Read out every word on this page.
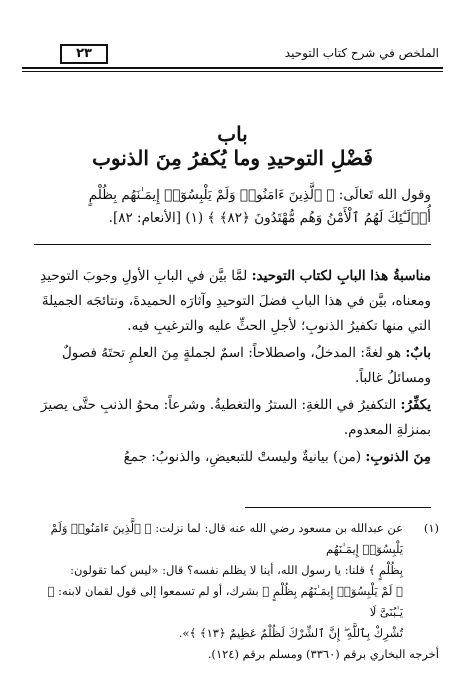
الملخص في شرح كتاب التوحيد
٢٣
باب
فَضْلِ التوحيدِ وما يُكفرُ مِنَ الذنوب
وقول الله تَعالَى: ﴿ ٱلَّذِينَ ءَامَنُوا۟ وَلَمْ يَلْبِسُوٓا۟ إِيمَـٰنَهُم بِظُلْمٍ
أُو۟لَـٰٓئِكَ لَهُمُ ٱلْأَمْنُ وَهُم مُّهْتَدُونَ ﴿٨٢﴾ ﴾ (١) [الأنعام: ٨٢].

مناسبةُ هذا البابِ لكتاب التوحيد: لمَّا بيَّن في البابِ الأولِ وجوبَ التوحيدِ ومعناه، بيَّن في هذا البابِ فضلَ التوحيدِ وآثارَه الحميدةَ، ونتائجَه الجميلةَ التي منها تكفيرُ الذنوبِ؛ لأجلِ الحثِّ عليه والترغيبِ فيه.

بابٌ: هو لغةً: المدخلُ، واصطلاحاً: اسمٌ لجملةٍ مِنَ العلمِ تحتَهُ فصولٌ ومسائلُ غالباً.

يكفِّرُ: التكفيرُ في اللغةِ: السترُ والتغطيةُ. وشرعاً: محوُ الذنبِ حتَّى يصيرَ بمنزلةِ المعدوم.

مِنَ الذنوبِ: (من) بيانيةٌ وليستْ للتبعيضِ، والذنوبُ: جمعُ

(١)

عن عبدالله بن مسعود رضي الله عنه قال: لما نزلت: ﴿ ٱلَّذِينَ ءَامَنُوا۟ وَلَمْ يَلْبِسُوٓا۟ إِيمَـٰنَهُم

بِظُلْمٍ ﴾ قلنا: يا رسول الله، أينا لا يظلم نفسه؟ قال: «ليس كما تقولون:

﴿ لَمْ يَلْبِسُوٓا۟ إِيمَـٰنَهُم بِظُلْمٍ ﴾ بشرك، أو لم تسمعوا إلى قول لقمان لابنه: ﴿ يَـٰبُنَىَّ لَا

تُشْرِكْ بِٱللَّهِ ۖ إِنَّ ٱلشِّرْكَ لَظُلْمٌ عَظِيمٌ ﴿١٣﴾ ﴾».

أخرجه البخاري برقم (٣٣٦٠) ومسلم برقم (١٢٤).
